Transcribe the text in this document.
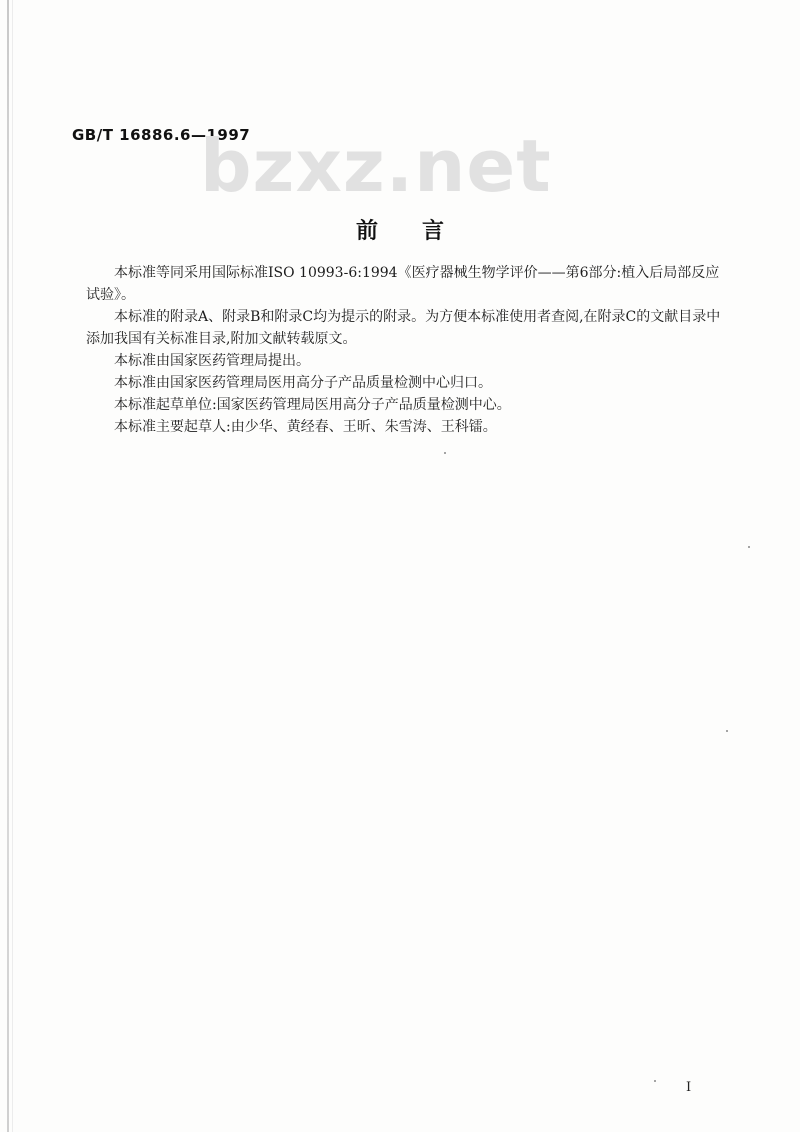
GB/T 16886.6—1997
bzxz.net
前言

本标准等同采用国际标准ISO 10993-6:1994《医疗器械生物学评价——第6部分:植入后局部反应试验》。

本标准的附录A、附录B和附录C均为提示的附录。为方便本标准使用者查阅,在附录C的文献目录中添加我国有关标准目录,附加文献转载原文。

本标准由国家医药管理局提出。

本标准由国家医药管理局医用高分子产品质量检测中心归口。

本标准起草单位:国家医药管理局医用高分子产品质量检测中心。

本标准主要起草人:由少华、黄经春、王昕、朱雪涛、王科镭。

I
